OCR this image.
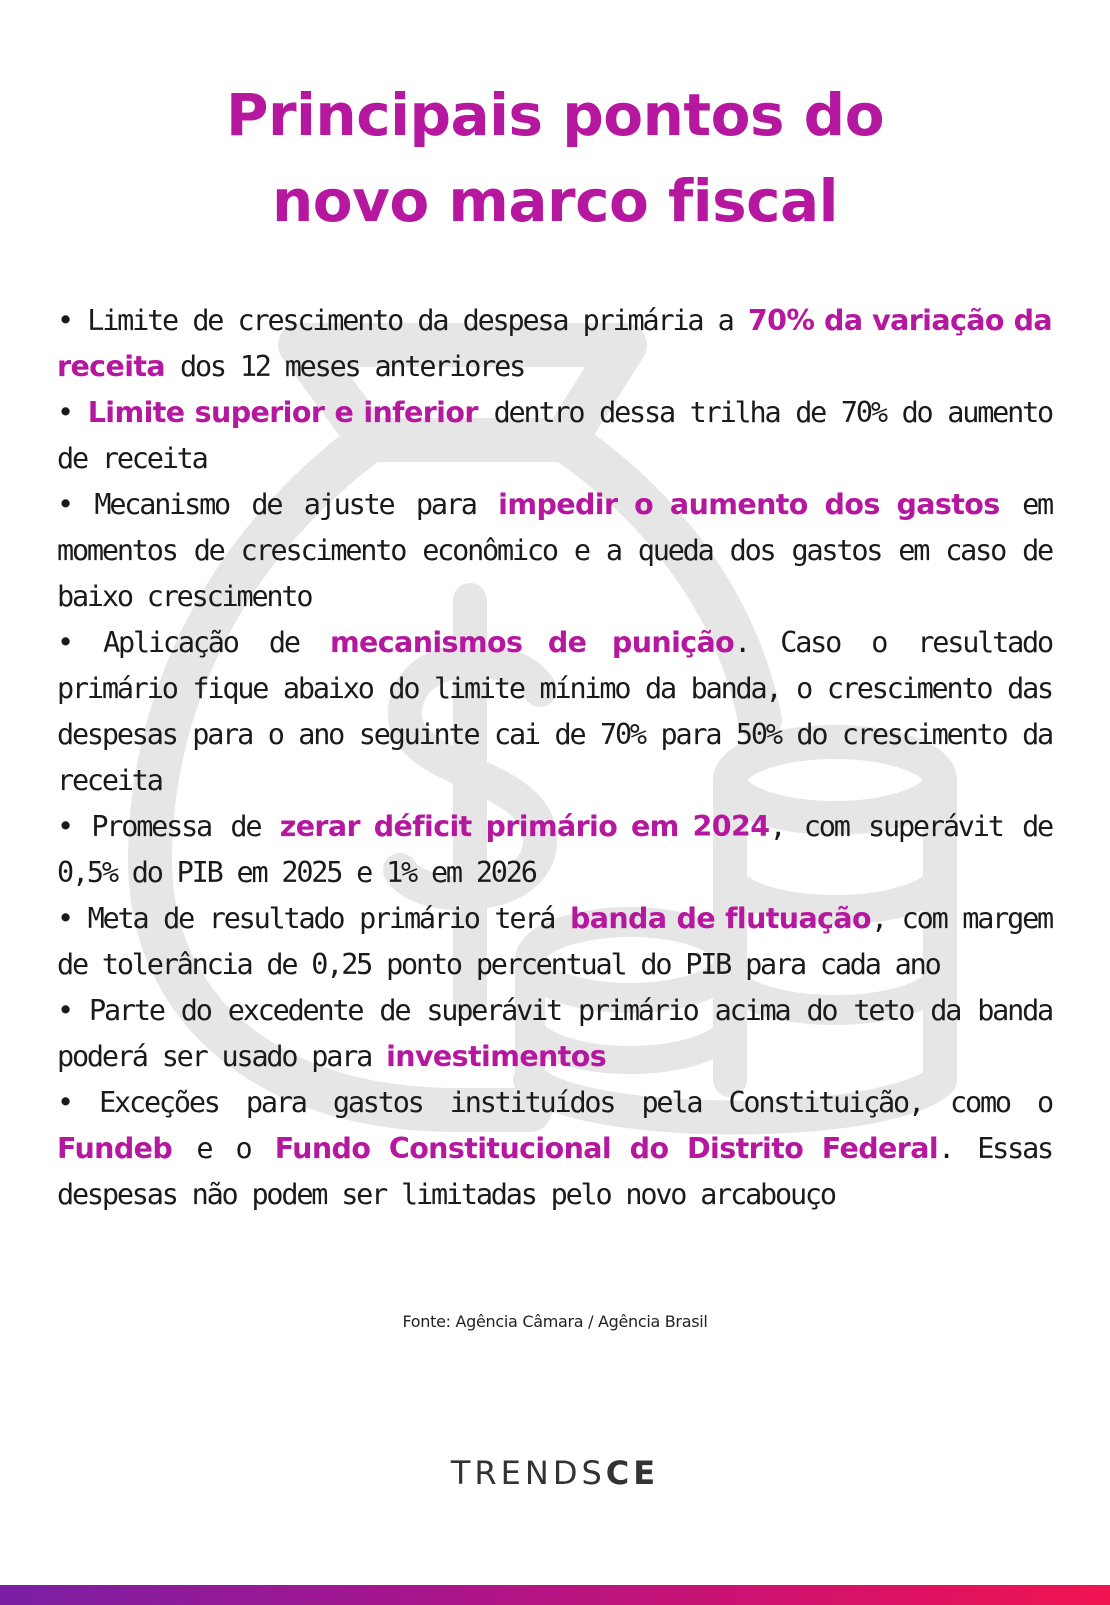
Principais pontos do
novo marco fiscal

• Limite de crescimento da despesa primária a 70% da variação da receita dos 12 meses anteriores

• Limite superior e inferior dentro dessa trilha de 70% do aumento de receita

• Mecanismo de ajuste para impedir o aumento dos gastos em momentos de crescimento econômico e a queda dos gastos em caso de baixo crescimento

• Aplicação de mecanismos de punição. Caso o resultado primário fique abaixo do limite mínimo da banda, o crescimento das despesas para o ano seguinte cai de 70% para 50% do crescimento da receita

• Promessa de zerar déficit primário em 2024, com superávit de 0,5% do PIB em 2025 e 1% em 2026

• Meta de resultado primário terá banda de flutuação, com margem de tolerância de 0,25 ponto percentual do PIB para cada ano

• Parte do excedente de superávit primário acima do teto da banda poderá ser usado para investimentos

• Exceções para gastos instituídos pela Constituição, como o Fundeb e o Fundo Constitucional do Distrito Federal. Essas despesas não podem ser limitadas pelo novo arcabouço

Fonte: Agência Câmara / Agência Brasil
TRENDSCE
